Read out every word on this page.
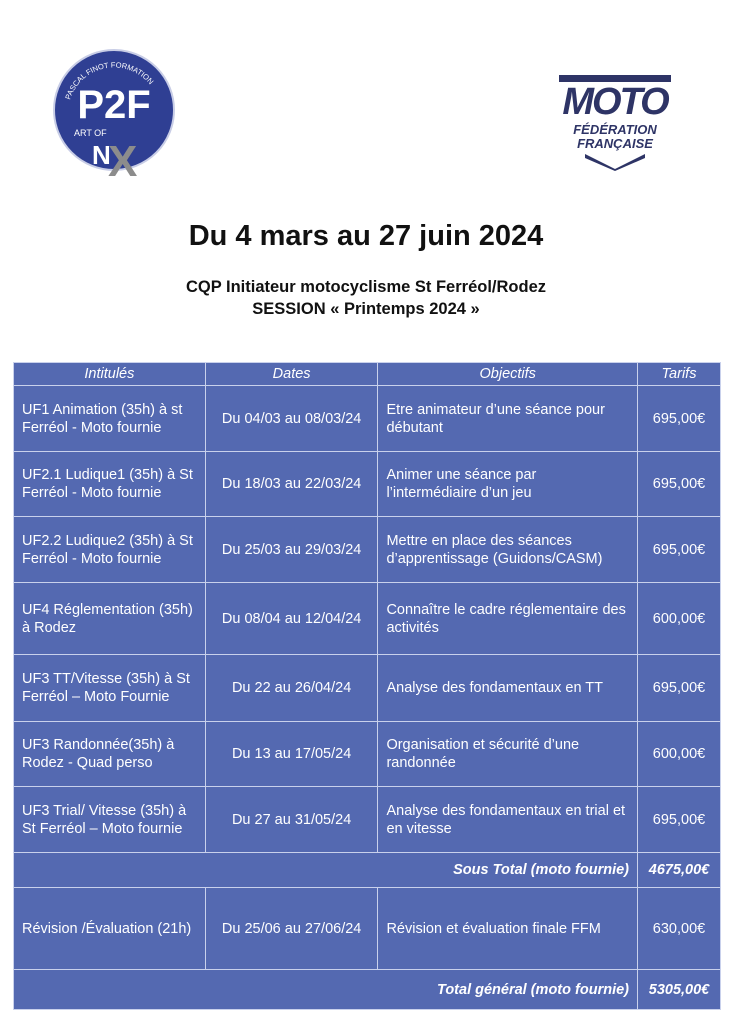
PASCAL FINOT FORMATION
P2F
ART OF
N
X
MOTO
FÉDÉRATION
FRANÇAISE
Du 4 mars au 27 juin 2024
CQP Initiateur motocyclisme St Ferréol/Rodez
SESSION « Printemps 2024 »
Intitulés	Dates	Objectifs	Tarifs
UF1 Animation (35h) à st Ferréol - Moto fournie	Du 04/03 au 08/03/24	Etre animateur d’une séance pour débutant	695,00€
UF2.1 Ludique1 (35h) à St Ferréol - Moto fournie	Du 18/03 au 22/03/24	Animer une séance par l’intermédiaire d’un jeu	695,00€
UF2.2 Ludique2 (35h) à St Ferréol - Moto fournie	Du 25/03 au 29/03/24	Mettre en place des séances d’apprentissage (Guidons/CASM)	695,00€
UF4 Réglementation (35h) à Rodez	Du 08/04 au 12/04/24	Connaître le cadre réglementaire des activités	600,00€
UF3 TT/Vitesse (35h) à St Ferréol – Moto Fournie	Du 22 au 26/04/24	Analyse des fondamentaux en TT	695,00€
UF3 Randonnée(35h) à Rodez - Quad perso	Du 13 au 17/05/24	Organisation et sécurité d’une randonnée	600,00€
UF3 Trial/ Vitesse (35h) à St Ferréol – Moto fournie	Du 27 au 31/05/24	Analyse des fondamentaux en trial et en vitesse	695,00€
Sous Total (moto fournie)			4675,00€
Révision /Évaluation (21h)	Du 25/06 au 27/06/24	Révision et évaluation finale FFM	630,00€
Total général (moto fournie)			5305,00€
